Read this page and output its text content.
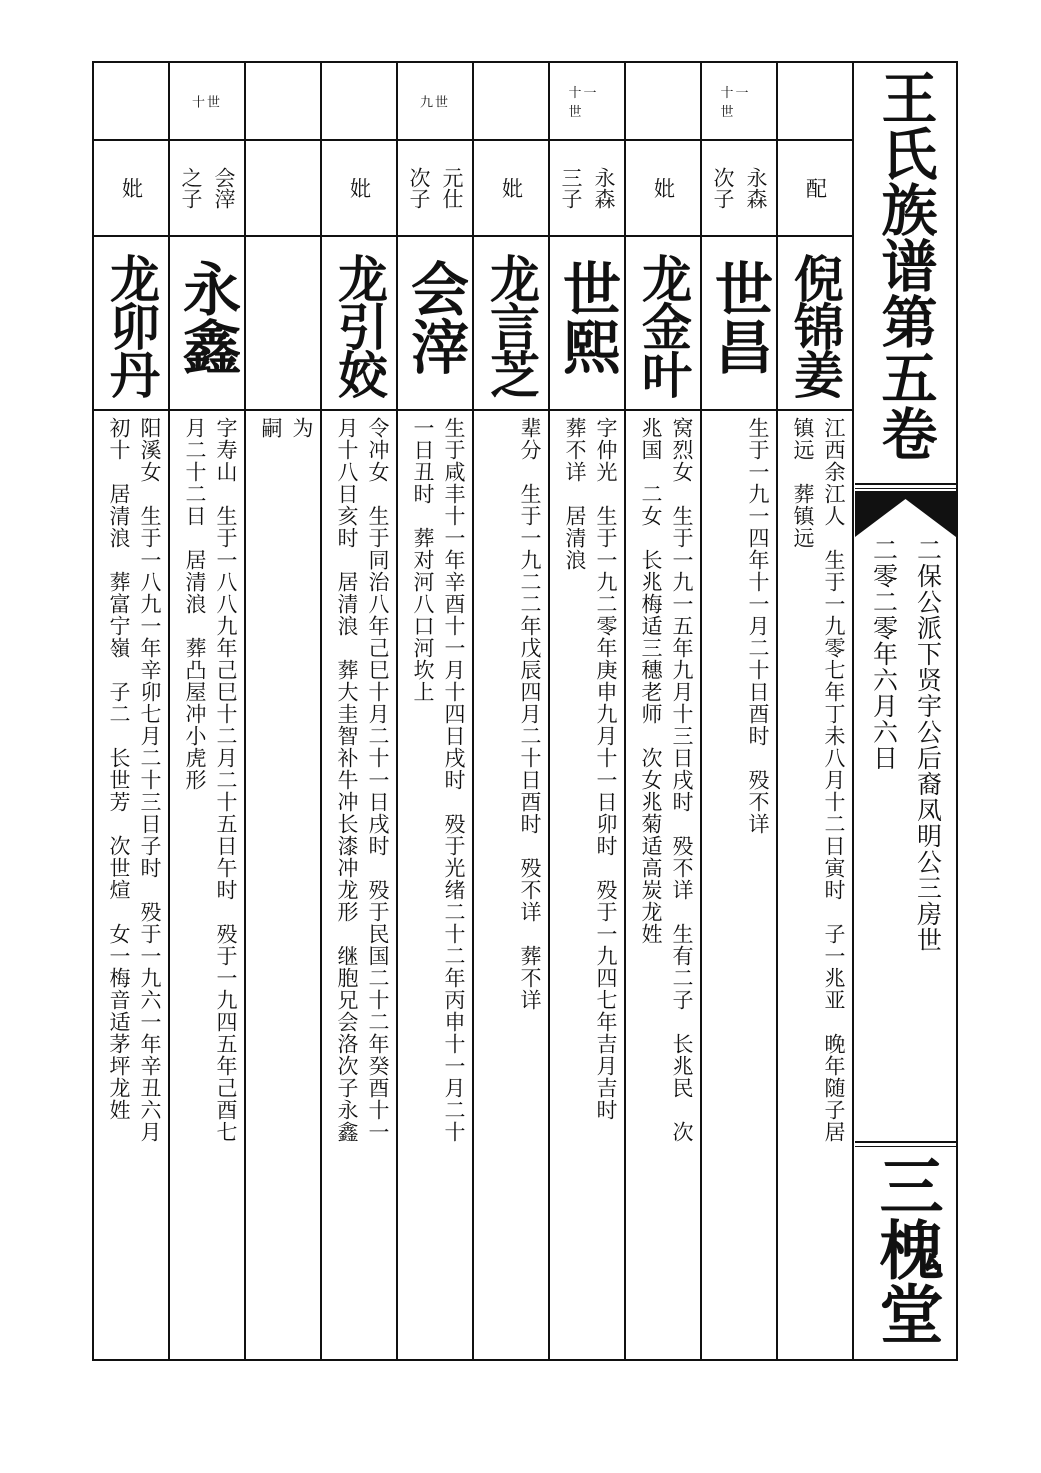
配
倪锦姜
江西余江人　生于一九零七年丁未八月十二日寅时　子一兆亚　晚年随子居
镇远　葬镇远
十一世
永森
次子
世昌
生于一九一四年十一月二十日酉时　殁不详
妣
龙金叶
窝烈女　生于一九一五年九月十三日戌时　殁不详　生有二子　长兆民　次
兆国　二女　长兆梅适三穗老师　次女兆菊适高炭龙姓
十一世
永森
三子
世熙
字仲光　生于一九二零年庚申九月十一日卯时　殁于一九四七年吉月吉时
葬不详　居清浪
妣
龙言芝
辈分　生于一九二二年戊辰四月二十日酉时　殁不详　葬不详
九世
元仕
次子
会滓
生于咸丰十一年辛酉十一月十四日戌时　殁于光绪二十二年丙申十一月二十
一日丑时　葬对河八口河坎上
妣
龙引姣
令冲女　生于同治八年己巳十月二十一日戌时　殁于民国二十二年癸酉十一
月十八日亥时　居清浪　葬大圭智补牛冲长漆冲龙形　继胞兄会洛次子永鑫
为
嗣
十世
会滓
之子
永鑫
字寿山　生于一八八九年己巳十二月二十五日午时　殁于一九四五年己酉七
月二十二日　居清浪　葬凸屋冲小虎形
妣
龙卯丹
阳溪女　生于一八九一年辛卯七月二十三日子时　殁于一九六一年辛丑六月
初十　居清浪　葬富宁嶺　子二　长世芳　次世煊　女一梅音适茅坪龙姓
王氏族谱第五卷
二保公派下贤宇公后裔凤明公三房世
二零二零年六月六日
三槐堂
